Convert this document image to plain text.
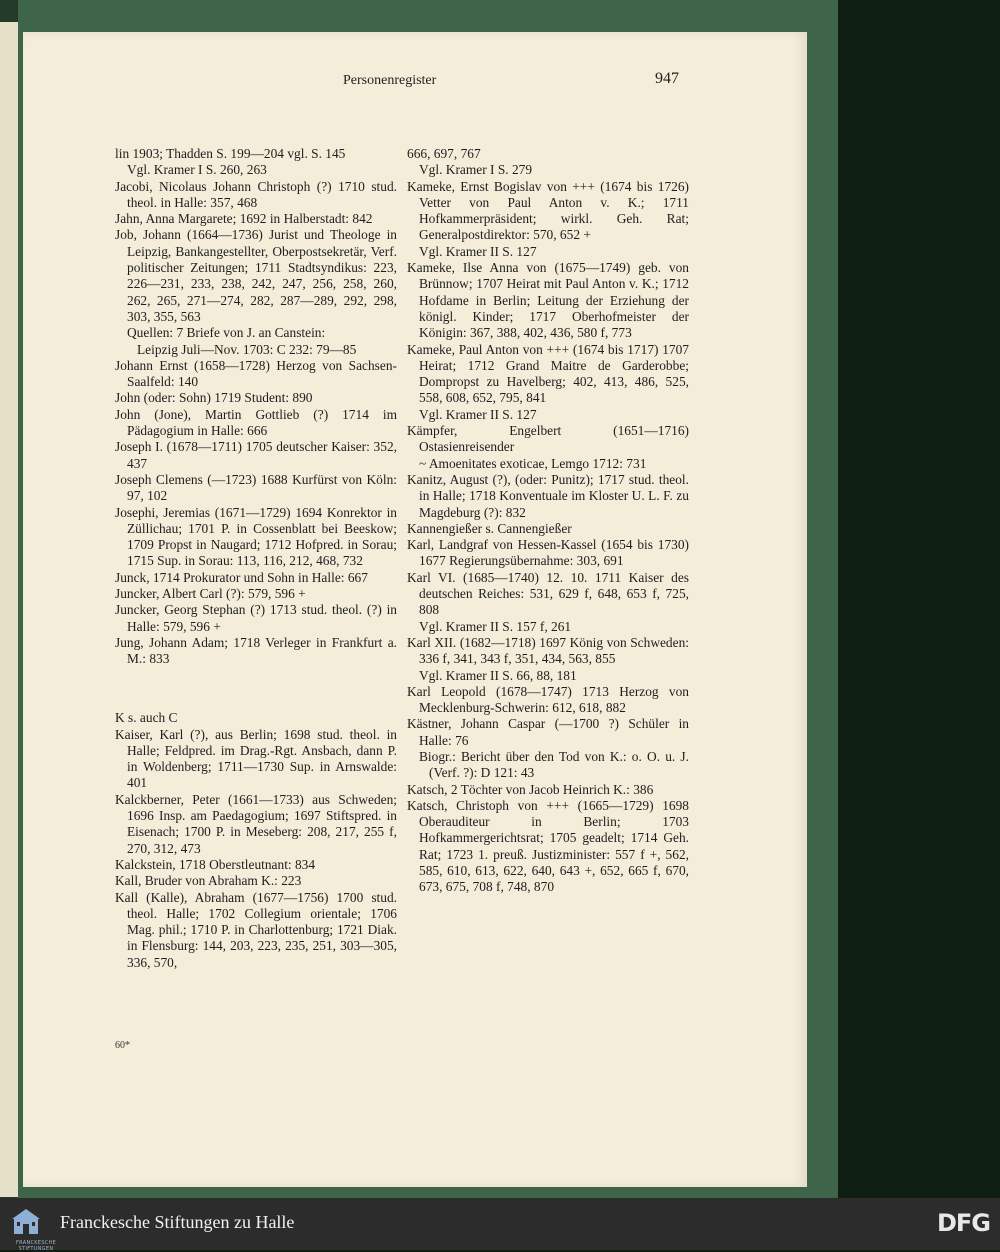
Personenregister	947

lin 1903; Thadden S. 199—204 vgl. S. 145

Vgl. Kramer I S. 260, 263

Jacobi, Nicolaus Johann Christoph (?) 1710 stud. theol. in Halle: 357, 468

Jahn, Anna Margarete; 1692 in Halberstadt: 842

Job, Johann (1664—1736) Jurist und Theologe in Leipzig, Bankangestellter, Oberpostsekretär, Verf. politischer Zeitungen; 1711 Stadtsyndikus: 223, 226—231, 233, 238, 242, 247, 256, 258, 260, 262, 265, 271—274, 282, 287—289, 292, 298, 303, 355, 563

Quellen: 7 Briefe von J. an Canstein:

Leipzig Juli—Nov. 1703: C 232: 79—85

Johann Ernst (1658—1728) Herzog von Sachsen-Saalfeld: 140

John (oder: Sohn) 1719 Student: 890

John (Jone), Martin Gottlieb (?) 1714 im Pädagogium in Halle: 666

Joseph I. (1678—1711) 1705 deutscher Kaiser: 352, 437

Joseph Clemens (—1723) 1688 Kurfürst von Köln: 97, 102

Josephi, Jeremias (1671—1729) 1694 Konrektor in Züllichau; 1701 P. in Cossenblatt bei Beeskow; 1709 Propst in Naugard; 1712 Hofpred. in Sorau; 1715 Sup. in Sorau: 113, 116, 212, 468, 732

Junck, 1714 Prokurator und Sohn in Halle: 667

Juncker, Albert Carl (?): 579, 596 +

Juncker, Georg Stephan (?) 1713 stud. theol. (?) in Halle: 579, 596 +

Jung, Johann Adam; 1718 Verleger in Frankfurt a. M.: 833

K s. auch C

Kaiser, Karl (?), aus Berlin; 1698 stud. theol. in Halle; Feldpred. im Drag.-Rgt. Ansbach, dann P. in Woldenberg; 1711—1730 Sup. in Arnswalde: 401

Kalckberner, Peter (1661—1733) aus Schweden; 1696 Insp. am Paedagogium; 1697 Stiftspred. in Eisenach; 1700 P. in Meseberg: 208, 217, 255 f, 270, 312, 473

Kalckstein, 1718 Oberstleutnant: 834

Kall, Bruder von Abraham K.: 223

Kall (Kalle), Abraham (1677—1756) 1700 stud. theol. Halle; 1702 Collegium orientale; 1706 Mag. phil.; 1710 P. in Charlottenburg; 1721 Diak. in Flensburg: 144, 203, 223, 235, 251, 303—305, 336, 570,

666, 697, 767

Vgl. Kramer I S. 279

Kameke, Ernst Bogislav von +++ (1674 bis 1726) Vetter von Paul Anton v. K.; 1711 Hofkammerpräsident; wirkl. Geh. Rat; Generalpostdirektor: 570, 652 +

Vgl. Kramer II S. 127

Kameke, Ilse Anna von (1675—1749) geb. von Brünnow; 1707 Heirat mit Paul Anton v. K.; 1712 Hofdame in Berlin; Leitung der Erziehung der königl. Kinder; 1717 Oberhofmeister der Königin: 367, 388, 402, 436, 580 f, 773

Kameke, Paul Anton von +++ (1674 bis 1717) 1707 Heirat; 1712 Grand Maitre de Garderobbe; Dompropst zu Havelberg; 402, 413, 486, 525, 558, 608, 652, 795, 841

Vgl. Kramer II S. 127

Kämpfer, Engelbert (1651—1716) Ostasienreisender

~ Amoenitates exoticae, Lemgo 1712: 731

Kanitz, August (?), (oder: Punitz); 1717 stud. theol. in Halle; 1718 Konventuale im Kloster U. L. F. zu Magdeburg (?): 832

Kannengießer s. Cannengießer

Karl, Landgraf von Hessen-Kassel (1654 bis 1730) 1677 Regierungsübernahme: 303, 691

Karl VI. (1685—1740) 12. 10. 1711 Kaiser des deutschen Reiches: 531, 629 f, 648, 653 f, 725, 808

Vgl. Kramer II S. 157 f, 261

Karl XII. (1682—1718) 1697 König von Schweden: 336 f, 341, 343 f, 351, 434, 563, 855

Vgl. Kramer II S. 66, 88, 181

Karl Leopold (1678—1747) 1713 Herzog von Mecklenburg-Schwerin: 612, 618, 882

Kästner, Johann Caspar (—1700 ?) Schüler in Halle: 76

Biogr.: Bericht über den Tod von K.: o. O. u. J. (Verf. ?): D 121: 43

Katsch, 2 Töchter von Jacob Heinrich K.: 386

Katsch, Christoph von +++ (1665—1729) 1698 Oberauditeur in Berlin; 1703 Hofkammergerichtsrat; 1705 geadelt; 1714 Geh. Rat; 1723 1. preuß. Justizminister: 557 f +, 562, 585, 610, 613, 622, 640, 643 +, 652, 665 f, 670, 673, 675, 708 f, 748, 870

60*
FRANCKESCHE STIFTUNGEN
Franckesche Stiftungen zu Halle	DFG
